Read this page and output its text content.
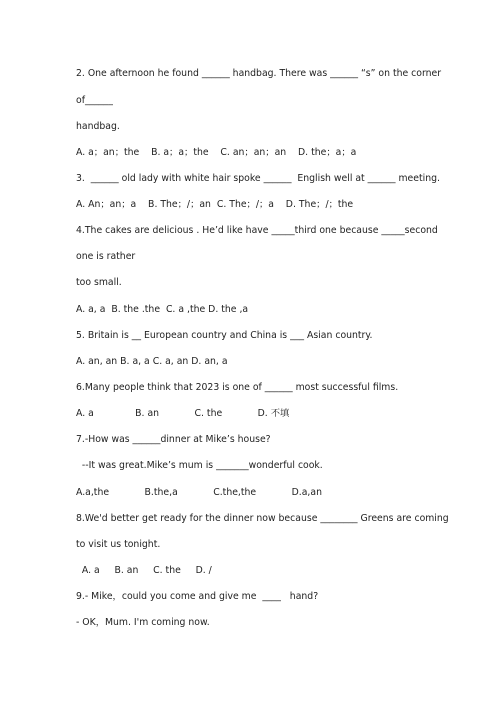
2. One afternoon he found ______ handbag. There was ______ “s” on the corner
of______
handbag.
A. a；an；the    B. a；a；the    C. an；an；an    D. the；a；a
3.  ______ old lady with white hair spoke ______  English well at ______ meeting.
A. An；an；a    B. The；/；an  C. The；/；a    D. The；/；the
4.The cakes are delicious . He’d like have _____third one because _____second
one is rather
too small.
A. a, a  B. the .the  C. a ,the D. the ,a
5. Britain is __ European country and China is ___ Asian country.
A. an, an B. a, a C. a, an D. an, a
6.Many people think that 2023 is one of ______ most successful films.
A. a              B. an            C. the            D. 不填
7.-How was ______dinner at Mike’s house?
--It was great.Mike’s mum is _______wonderful cook.
A.a,the            B.the,a            C.the,the            D.a,an
8.We'd better get ready for the dinner now because ________ Greens are coming
to visit us tonight.
A. a     B. an     C. the     D. /
9.- Mike，could you come and give me  ____   hand?
- OK，Mum. I'm coming now.
